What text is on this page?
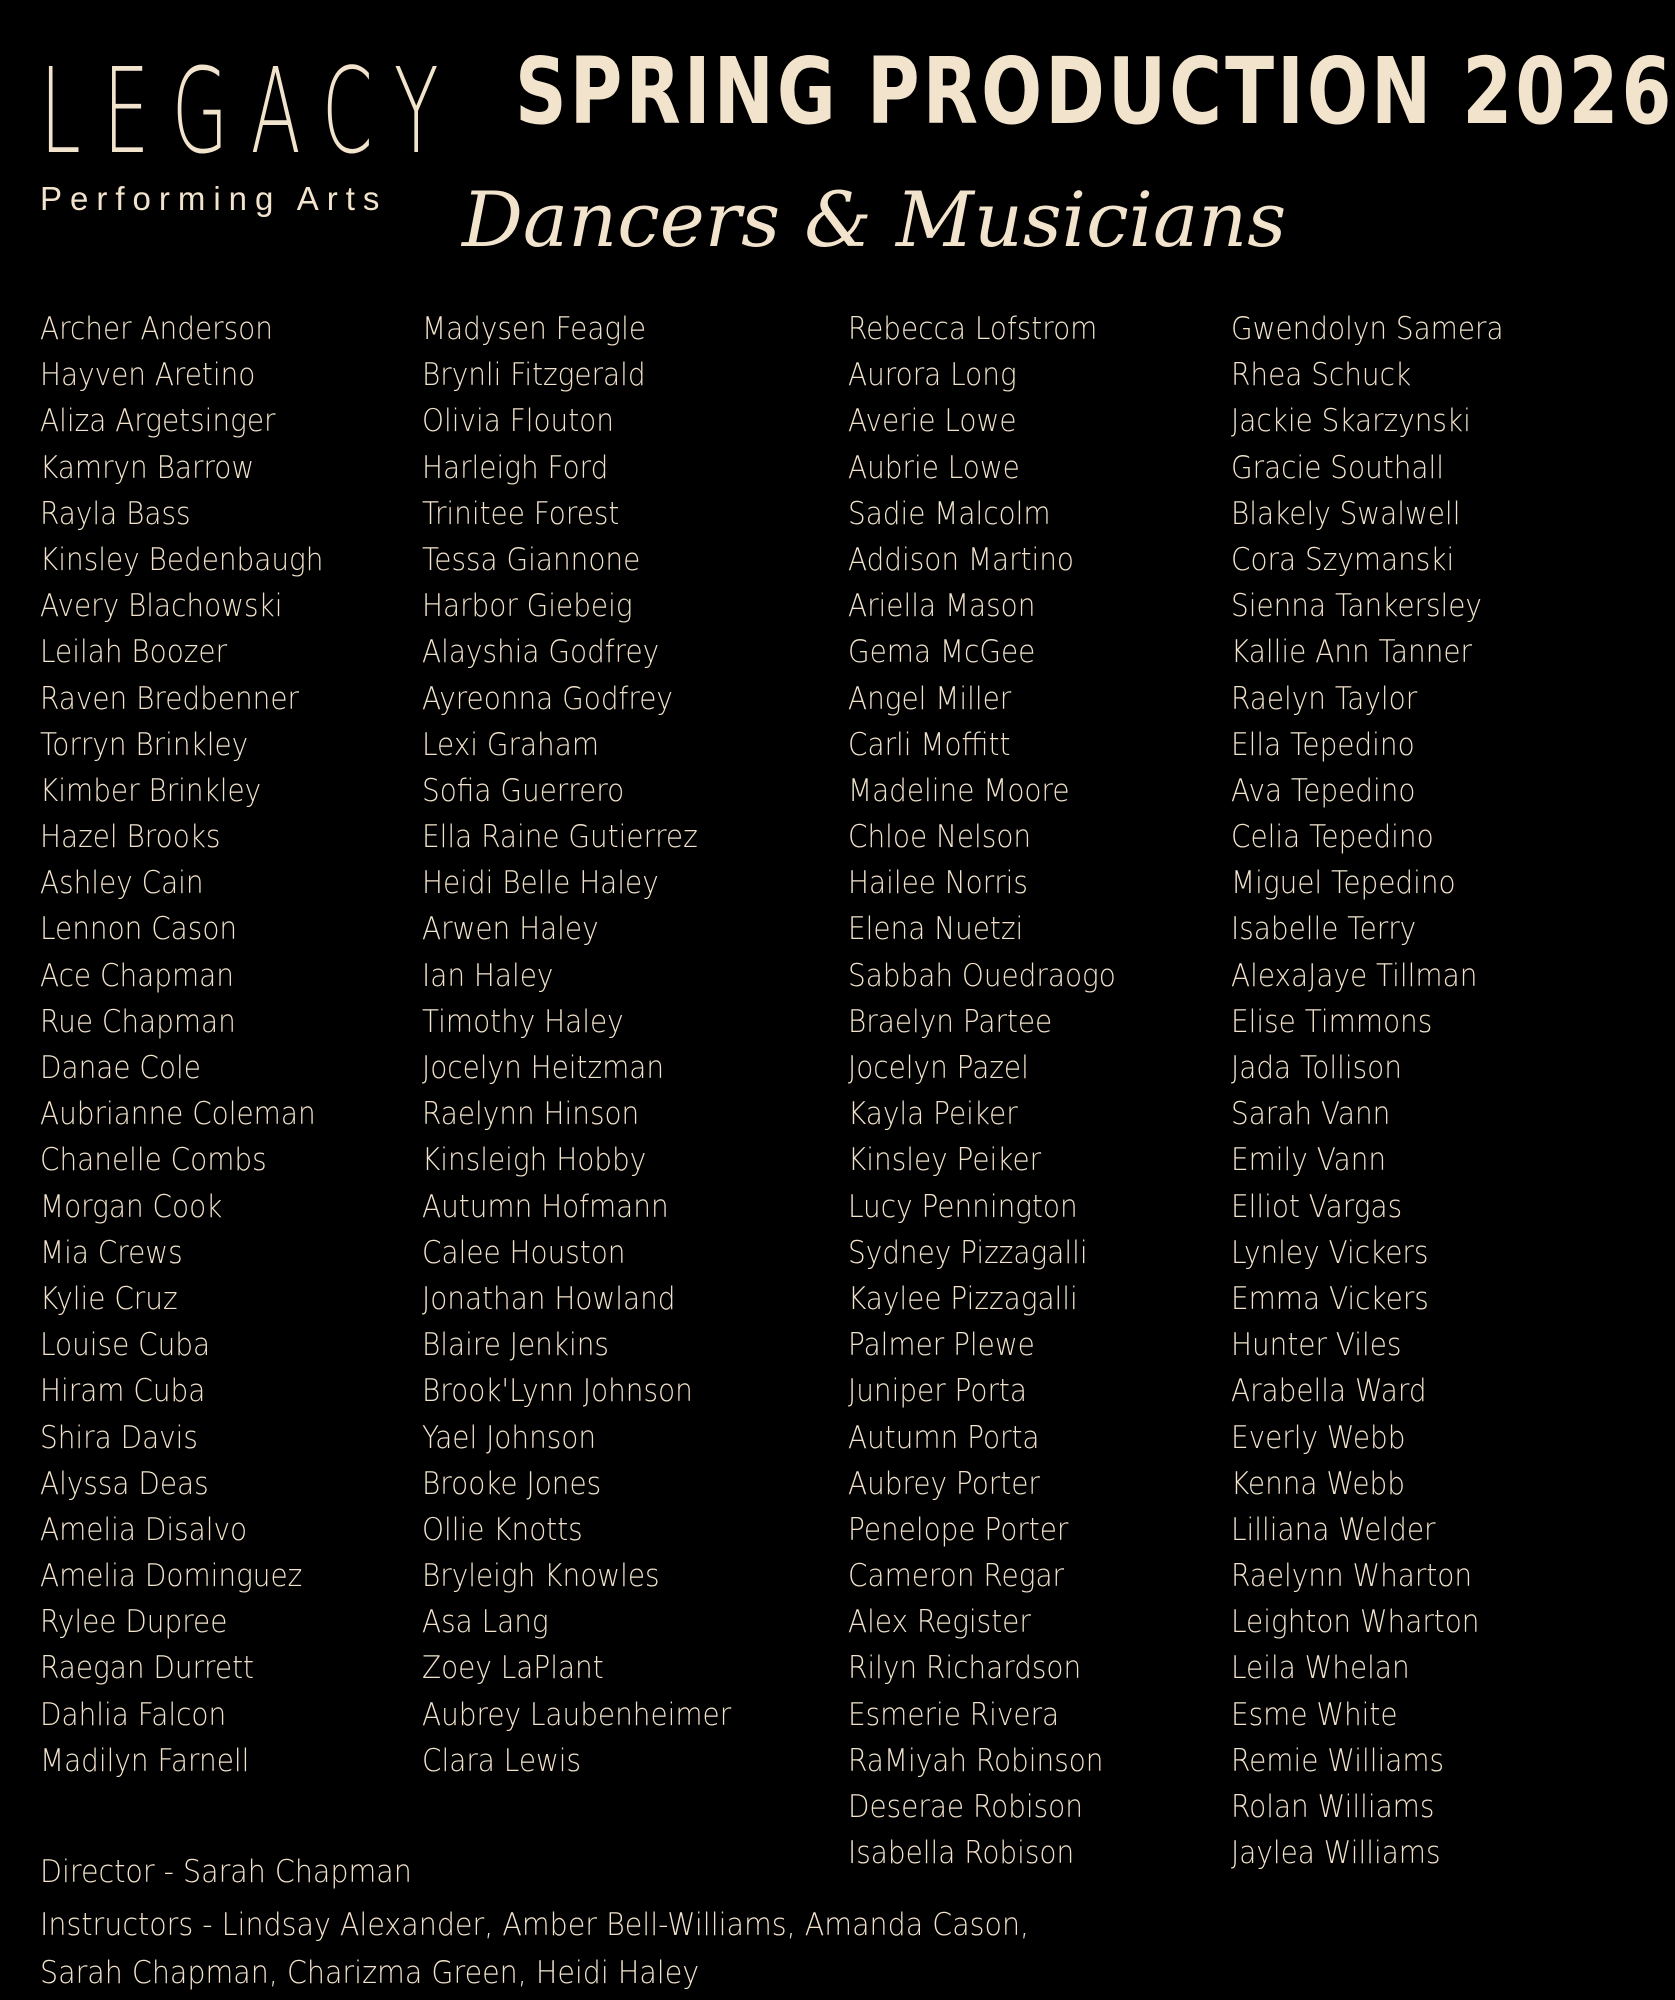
LEGACY
Performing Arts
SPRING PRODUCTION 2026
Dancers & Musicians
Archer Anderson
Hayven Aretino
Aliza Argetsinger
Kamryn Barrow
Rayla Bass
Kinsley Bedenbaugh
Avery Blachowski
Leilah Boozer
Raven Bredbenner
Torryn Brinkley
Kimber Brinkley
Hazel Brooks
Ashley Cain
Lennon Cason
Ace Chapman
Rue Chapman
Danae Cole
Aubrianne Coleman
Chanelle Combs
Morgan Cook
Mia Crews
Kylie Cruz
Louise Cuba
Hiram Cuba
Shira Davis
Alyssa Deas
Amelia Disalvo
Amelia Dominguez
Rylee Dupree
Raegan Durrett
Dahlia Falcon
Madilyn Farnell
Madysen Feagle
Brynli Fitzgerald
Olivia Flouton
Harleigh Ford
Trinitee Forest
Tessa Giannone
Harbor Giebeig
Alayshia Godfrey
Ayreonna Godfrey
Lexi Graham
Sofia Guerrero
Ella Raine Gutierrez
Heidi Belle Haley
Arwen Haley
Ian Haley
Timothy Haley
Jocelyn Heitzman
Raelynn Hinson
Kinsleigh Hobby
Autumn Hofmann
Calee Houston
Jonathan Howland
Blaire Jenkins
Brook'Lynn Johnson
Yael Johnson
Brooke Jones
Ollie Knotts
Bryleigh Knowles
Asa Lang
Zoey LaPlant
Aubrey Laubenheimer
Clara Lewis
Rebecca Lofstrom
Aurora Long
Averie Lowe
Aubrie Lowe
Sadie Malcolm
Addison Martino
Ariella Mason
Gema McGee
Angel Miller
Carli Moffitt
Madeline Moore
Chloe Nelson
Hailee Norris
Elena Nuetzi
Sabbah Ouedraogo
Braelyn Partee
Jocelyn Pazel
Kayla Peiker
Kinsley Peiker
Lucy Pennington
Sydney Pizzagalli
Kaylee Pizzagalli
Palmer Plewe
Juniper Porta
Autumn Porta
Aubrey Porter
Penelope Porter
Cameron Regar
Alex Register
Rilyn Richardson
Esmerie Rivera
RaMiyah Robinson
Deserae Robison
Isabella Robison
Gwendolyn Samera
Rhea Schuck
Jackie Skarzynski
Gracie Southall
Blakely Swalwell
Cora Szymanski
Sienna Tankersley
Kallie Ann Tanner
Raelyn Taylor
Ella Tepedino
Ava Tepedino
Celia Tepedino
Miguel Tepedino
Isabelle Terry
AlexaJaye Tillman
Elise Timmons
Jada Tollison
Sarah Vann
Emily Vann
Elliot Vargas
Lynley Vickers
Emma Vickers
Hunter Viles
Arabella Ward
Everly Webb
Kenna Webb
Lilliana Welder
Raelynn Wharton
Leighton Wharton
Leila Whelan
Esme White
Remie Williams
Rolan Williams
Jaylea Williams
Director - Sarah Chapman
Instructors - Lindsay Alexander, Amber Bell-Williams, Amanda Cason,
Sarah Chapman, Charizma Green, Heidi Haley
